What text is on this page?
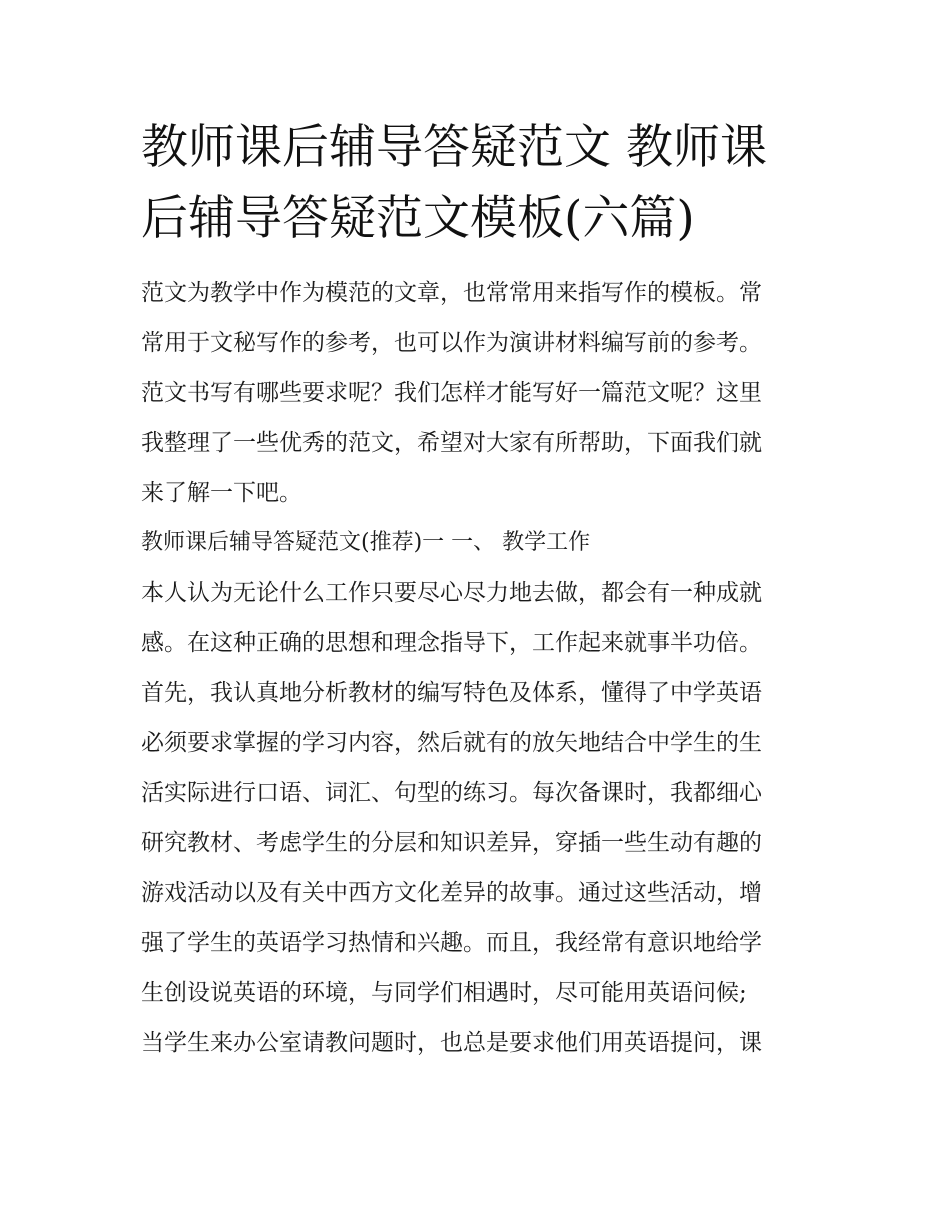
教师课后辅导答疑范文 教师课
后辅导答疑范文模板(六篇)
范文为教学中作为模范的文章，也常常用来指写作的模板。常
常用于文秘写作的参考，也可以作为演讲材料编写前的参考。
范文书写有哪些要求呢？我们怎样才能写好一篇范文呢？这里
我整理了一些优秀的范文，希望对大家有所帮助，下面我们就
来了解一下吧。
教师课后辅导答疑范文(推荐)一 一、 教学工作
本人认为无论什么工作只要尽心尽力地去做，都会有一种成就
感。在这种正确的思想和理念指导下，工作起来就事半功倍。
首先，我认真地分析教材的编写特色及体系，懂得了中学英语
必须要求掌握的学习内容，然后就有的放矢地结合中学生的生
活实际进行口语、词汇、句型的练习。每次备课时，我都细心
研究教材、考虑学生的分层和知识差异，穿插一些生动有趣的
游戏活动以及有关中西方文化差异的故事。通过这些活动，增
强了学生的英语学习热情和兴趣。而且，我经常有意识地给学
生创设说英语的环境，与同学们相遇时，尽可能用英语问候;
当学生来办公室请教问题时，也总是要求他们用英语提问，课
